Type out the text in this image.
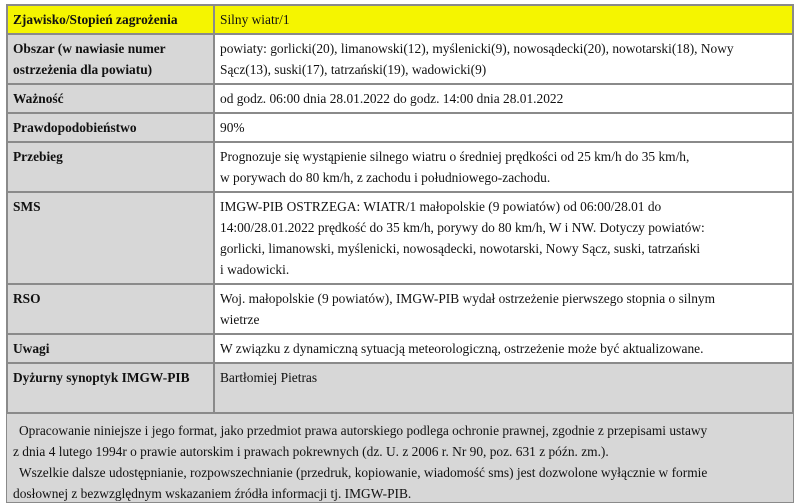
Zjawisko/Stopień zagrożenia	Silny wiatr/1

Obszar (w nawiasie numer ostrzeżenia dla powiatu)	powiaty: gorlicki(20), limanowski(12), myślenicki(9), nowosądecki(20), nowotarski(18), Nowy
Sącz(13), suski(17), tatrzański(19), wadowicki(9)

Ważność	od godz. 06:00 dnia 28.01.2022 do godz. 14:00 dnia 28.01.2022

Prawdopodobieństwo	90%

Przebieg	Prognozuje się wystąpienie silnego wiatru o średniej prędkości od 25 km/h do 35 km/h,
w porywach do 80 km/h, z zachodu i południowego-zachodu.

SMS	IMGW-PIB OSTRZEGA: WIATR/1 małopolskie (9 powiatów) od 06:00/28.01 do
14:00/28.01.2022 prędkość do 35 km/h, porywy do 80 km/h, W i NW. Dotyczy powiatów:
gorlicki, limanowski, myślenicki, nowosądecki, nowotarski, Nowy Sącz, suski, tatrzański
i wadowicki.

RSO	Woj. małopolskie (9 powiatów), IMGW-PIB wydał ostrzeżenie pierwszego stopnia o silnym
wietrze

Uwagi	W związku z dynamiczną sytuacją meteorologiczną, ostrzeżenie może być aktualizowane.

Dyżurny synoptyk IMGW-PIB	Bartłomiej Pietras

Opracowanie niniejsze i jego format, jako przedmiot prawa autorskiego podlega ochronie prawnej, zgodnie z przepisami ustawy

z dnia 4 lutego 1994r o prawie autorskim i prawach pokrewnych (dz. U. z 2006 r. Nr 90, poz. 631 z późn. zm.).

Wszelkie dalsze udostępnianie, rozpowszechnianie (przedruk, kopiowanie, wiadomość sms) jest dozwolone wyłącznie w formie

dosłownej z bezwzględnym wskazaniem źródła informacji tj. IMGW-PIB.
